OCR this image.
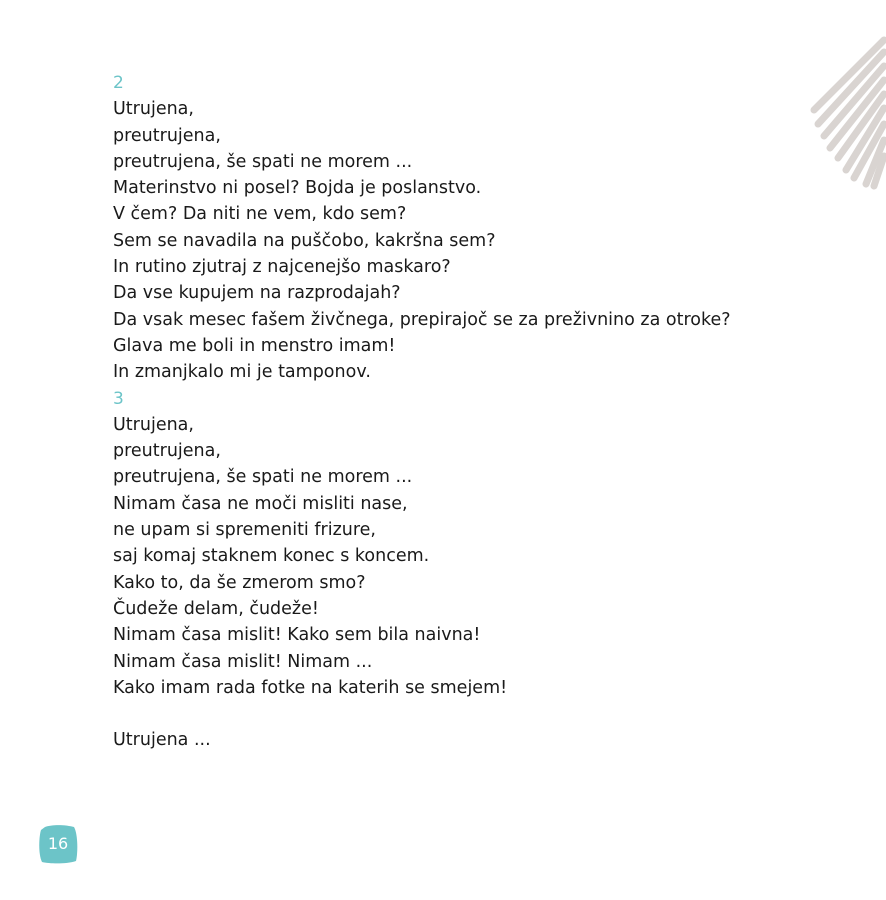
2
Utrujena,
preutrujena,
preutrujena, še spati ne morem ...
Materinstvo ni posel? Bojda je poslanstvo.
V čem? Da niti ne vem, kdo sem?
Sem se navadila na puščobo, kakršna sem?
In rutino zjutraj z najcenejšo maskaro?
Da vse kupujem na razprodajah?
Da vsak mesec fašem živčnega, prepirajoč se za preživnino za otroke?
Glava me boli in menstro imam!
In zmanjkalo mi je tamponov.
3
Utrujena,
preutrujena,
preutrujena, še spati ne morem ...
Nimam časa ne moči misliti nase,
ne upam si spremeniti frizure,
saj komaj staknem konec s koncem.
Kako to, da še zmerom smo?
Čudeže delam, čudeže!
Nimam časa mislit! Kako sem bila naivna!
Nimam časa mislit! Nimam ...
Kako imam rada fotke na katerih se smejem!
Utrujena ...
16
